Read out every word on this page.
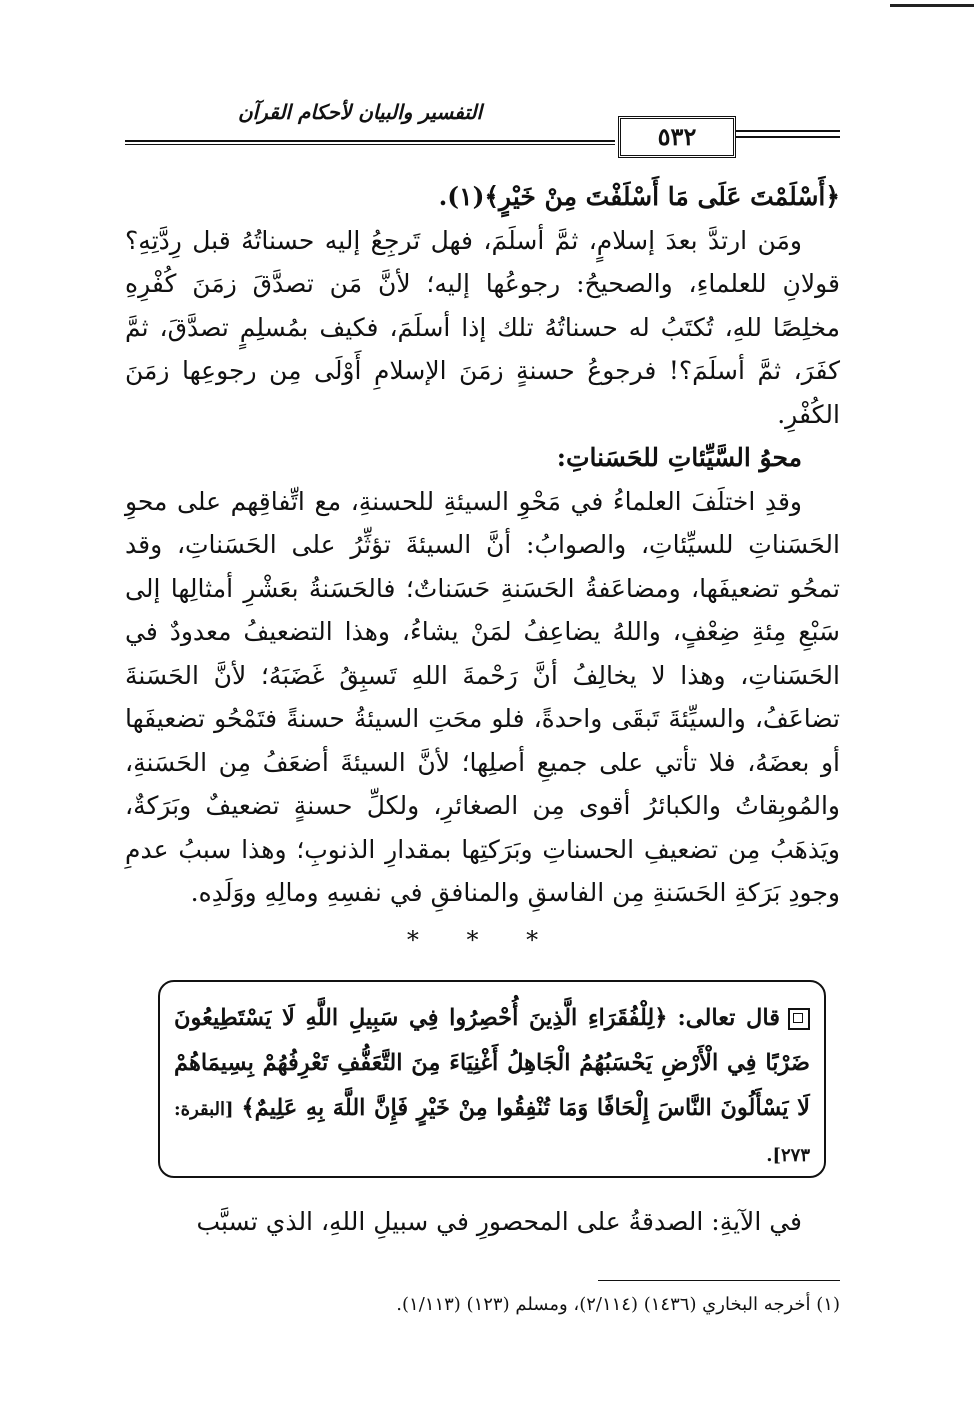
التفسير والبيان لأحكام القرآن
٥٣٢

﴿أَسْلَمْتَ عَلَى مَا أَسْلَفْتَ مِنْ خَيْرٍ﴾(١).

ومَن ارتدَّ بعدَ إسلامٍ، ثمَّ أسلَمَ، فهل تَرجِعُ إليه حسناتُهُ قبل رِدَّتِهِ؟ قولانِ للعلماءِ، والصحيحُ: رجوعُها إليه؛ لأنَّ مَن تصدَّقَ زمَنَ كُفْرِهِ مخلِصًا للهِ، تُكتَبُ له حسناتُهُ تلك إذا أسلَمَ، فكيف بمُسلِمٍ تصدَّقَ، ثمَّ كفَرَ، ثمَّ أسلَمَ؟! فرجوعُ حسنةٍ زمَنَ الإسلامِ أَوْلَى مِن رجوعِها زمَنَ الكُفْرِ.

محوُ السَّيِّئاتِ للحَسَناتِ:

وقدِ اختلَفَ العلماءُ في مَحْوِ السيئةِ للحسنةِ، مع اتِّفاقِهم على محوِ الحَسَناتِ للسيِّئاتِ، والصوابُ: أنَّ السيئةَ تؤثِّرُ على الحَسَناتِ، وقد تمحُو تضعيفَها، ومضاعَفةُ الحَسَنةِ حَسَناتٌ؛ فالحَسَنةُ بعَشْرِ أمثالِها إلى سَبْعِ مِئةِ ضِعْفٍ، واللهُ يضاعِفُ لمَنْ يشاءُ، وهذا التضعيفُ معدودٌ في الحَسَناتِ، وهذا لا يخالِفُ أنَّ رَحْمةَ اللهِ تَسبِقُ غَضَبَهُ؛ لأنَّ الحَسَنةَ تضاعَفُ، والسيِّئةَ تَبقَى واحدةً، فلو محَتِ السيئةُ حسنةً فتَمْحُو تضعيفَها أو بعضَهُ، فلا تأتي على جميعِ أصلِها؛ لأنَّ السيئةَ أضعَفُ مِن الحَسَنةِ، والمُوبِقاتُ والكبائرُ أقوى مِن الصغائرِ، ولكلِّ حسنةٍ تضعيفٌ وبَرَكةٌ، ويَذهَبُ مِن تضعيفِ الحسناتِ وبَرَكتِها بمقدارِ الذنوبِ؛ وهذا سببُ عدمِ وجودِ بَرَكةِ الحَسَنةِ مِن الفاسقِ والمنافقِ في نفسِهِ ومالِهِ ووَلَدِه.

* * *

قال تعالى: ﴿لِلْفُقَرَاءِ الَّذِينَ أُحْصِرُوا فِي سَبِيلِ اللَّهِ لَا يَسْتَطِيعُونَ ضَرْبًا فِي الْأَرْضِ يَحْسَبُهُمُ الْجَاهِلُ أَغْنِيَاءَ مِنَ التَّعَفُّفِ تَعْرِفُهُمْ بِسِيمَاهُمْ لَا يَسْأَلُونَ النَّاسَ إِلْحَافًا وَمَا تُنْفِقُوا مِنْ خَيْرٍ فَإِنَّ اللَّهَ بِهِ عَلِيمٌ﴾ [البقرة: ٢٧٣].
في الآيةِ: الصدقةُ على المحصورِ في سبيلِ اللهِ، الذي تسبَّب
(١) أخرجه البخاري (١٤٣٦) (٢/١١٤)، ومسلم (١٢٣) (١/١١٣).
